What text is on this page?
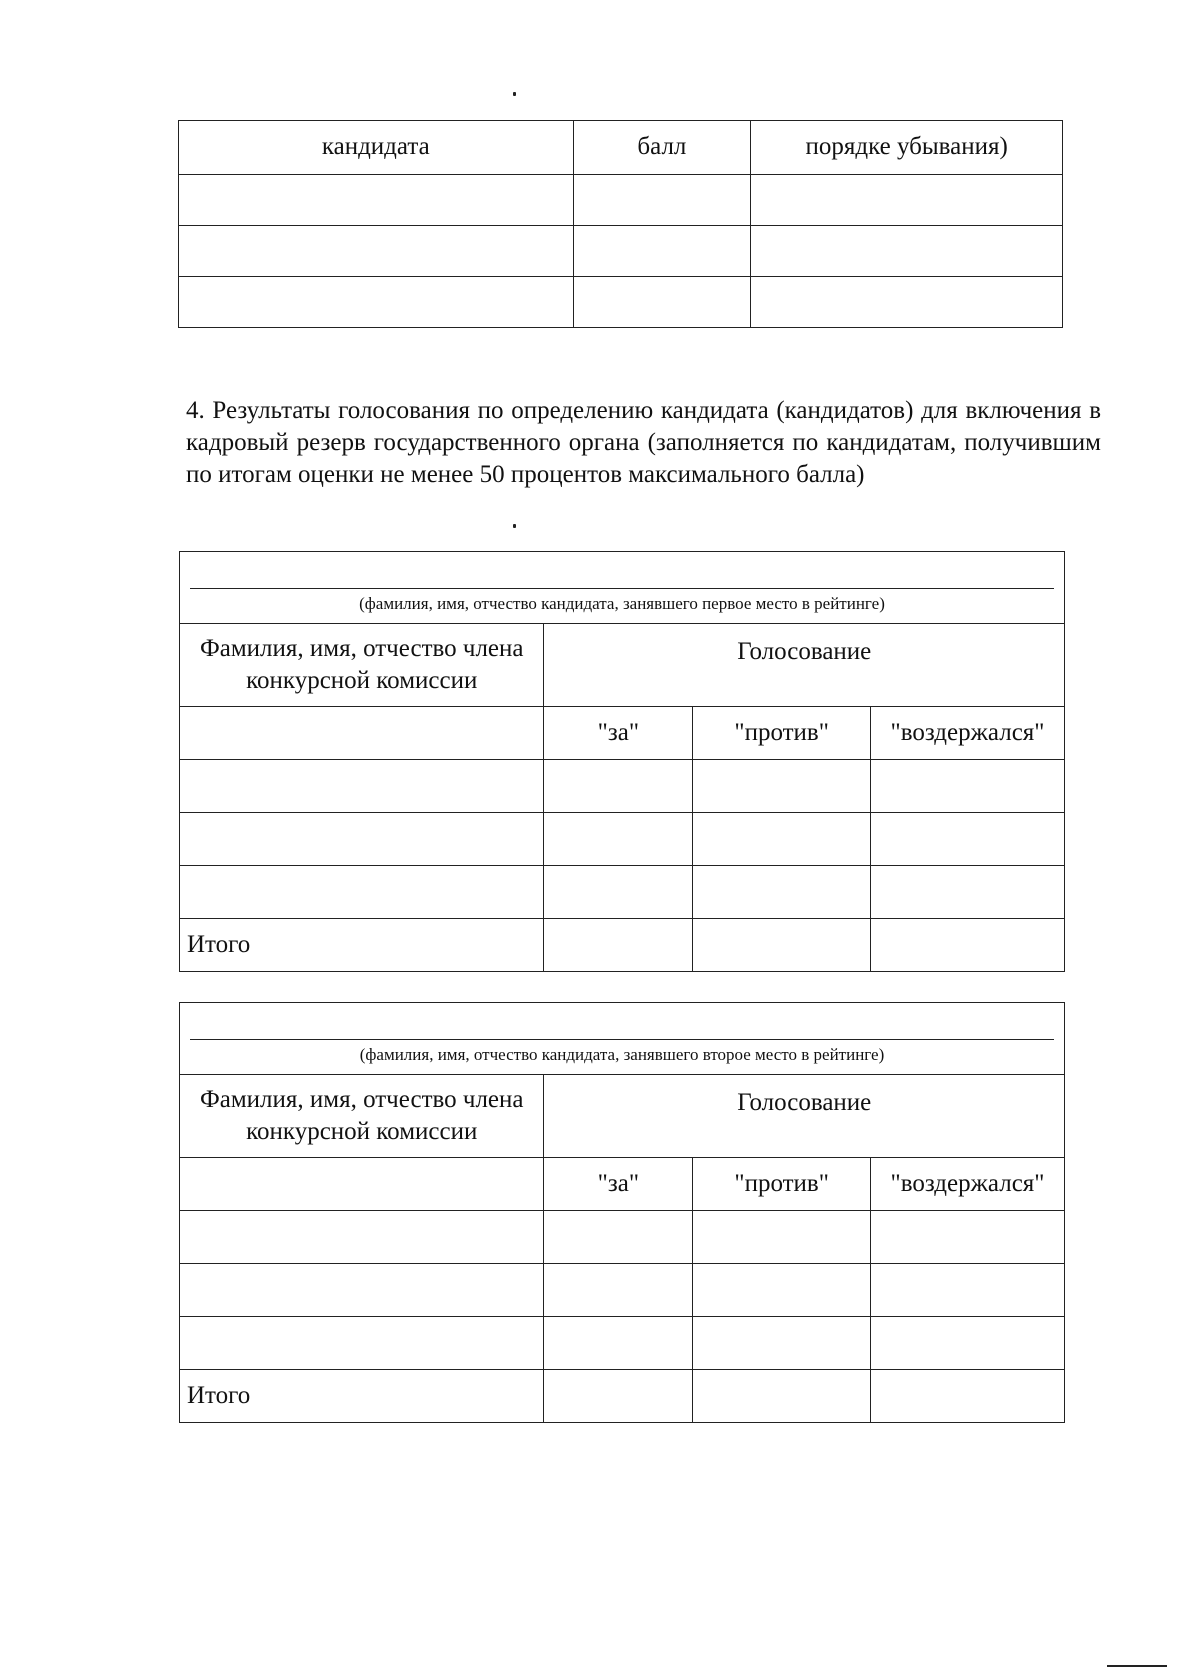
кандидата	балл	порядке убывания)

4. Результаты голосования по определению кандидата (кандидатов) для включения в кадровый резерв государственного органа (заполняется по кандидатам, получившим по итогам оценки не менее 50 процентов максимального балла)
(фамилия, имя, отчество кандидата, занявшего первое место в рейтинге)			

Фамилия, имя, отчество члена конкурсной комиссии	Голосование		
	"за"	"против"	"воздержался"

Итого			
(фамилия, имя, отчество кандидата, занявшего второе место в рейтинге)			

Фамилия, имя, отчество члена конкурсной комиссии	Голосование		
	"за"	"против"	"воздержался"

Итого			
